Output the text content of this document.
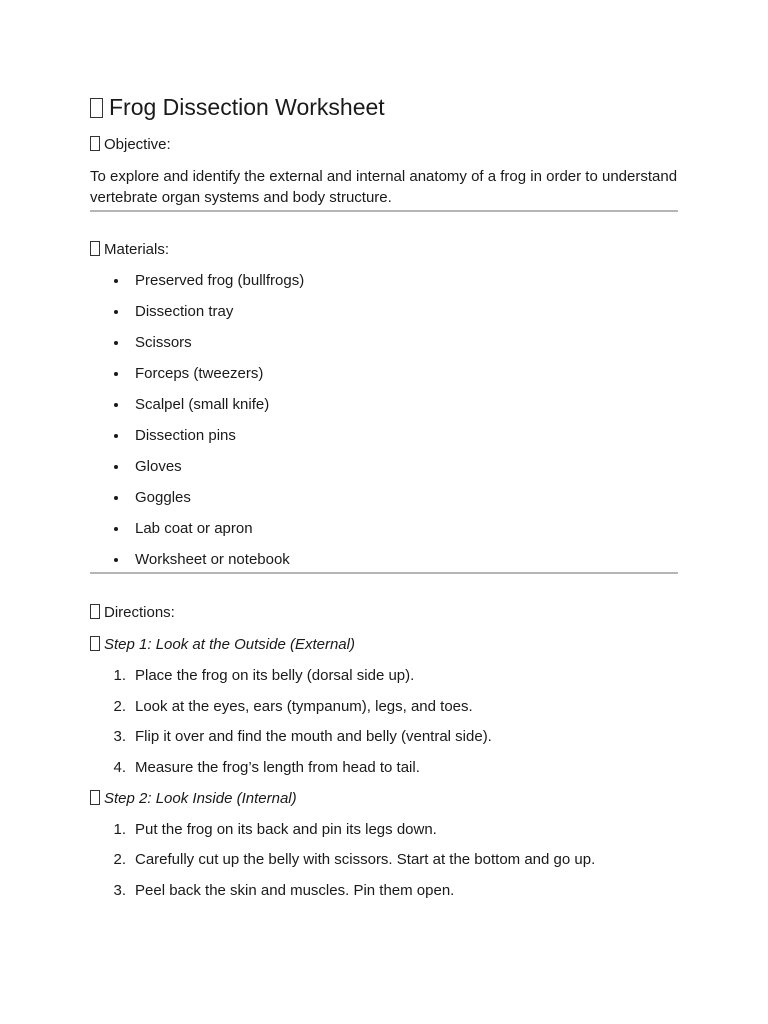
Frog Dissection Worksheet

Objective:

To explore and identify the external and internal anatomy of a frog in order to understand vertebrate organ systems and body structure.

Materials:

Preserved frog (bullfrogs)
Dissection tray
Scissors
Forceps (tweezers)
Scalpel (small knife)
Dissection pins
Gloves
Goggles
Lab coat or apron
Worksheet or notebook

Directions:

Step 1: Look at the Outside (External)

1. Place the frog on its belly (dorsal side up).
2. Look at the eyes, ears (tympanum), legs, and toes.
3. Flip it over and find the mouth and belly (ventral side).
4. Measure the frog’s length from head to tail.

Step 2: Look Inside (Internal)

1. Put the frog on its back and pin its legs down.
2. Carefully cut up the belly with scissors. Start at the bottom and go up.
3. Peel back the skin and muscles. Pin them open.
